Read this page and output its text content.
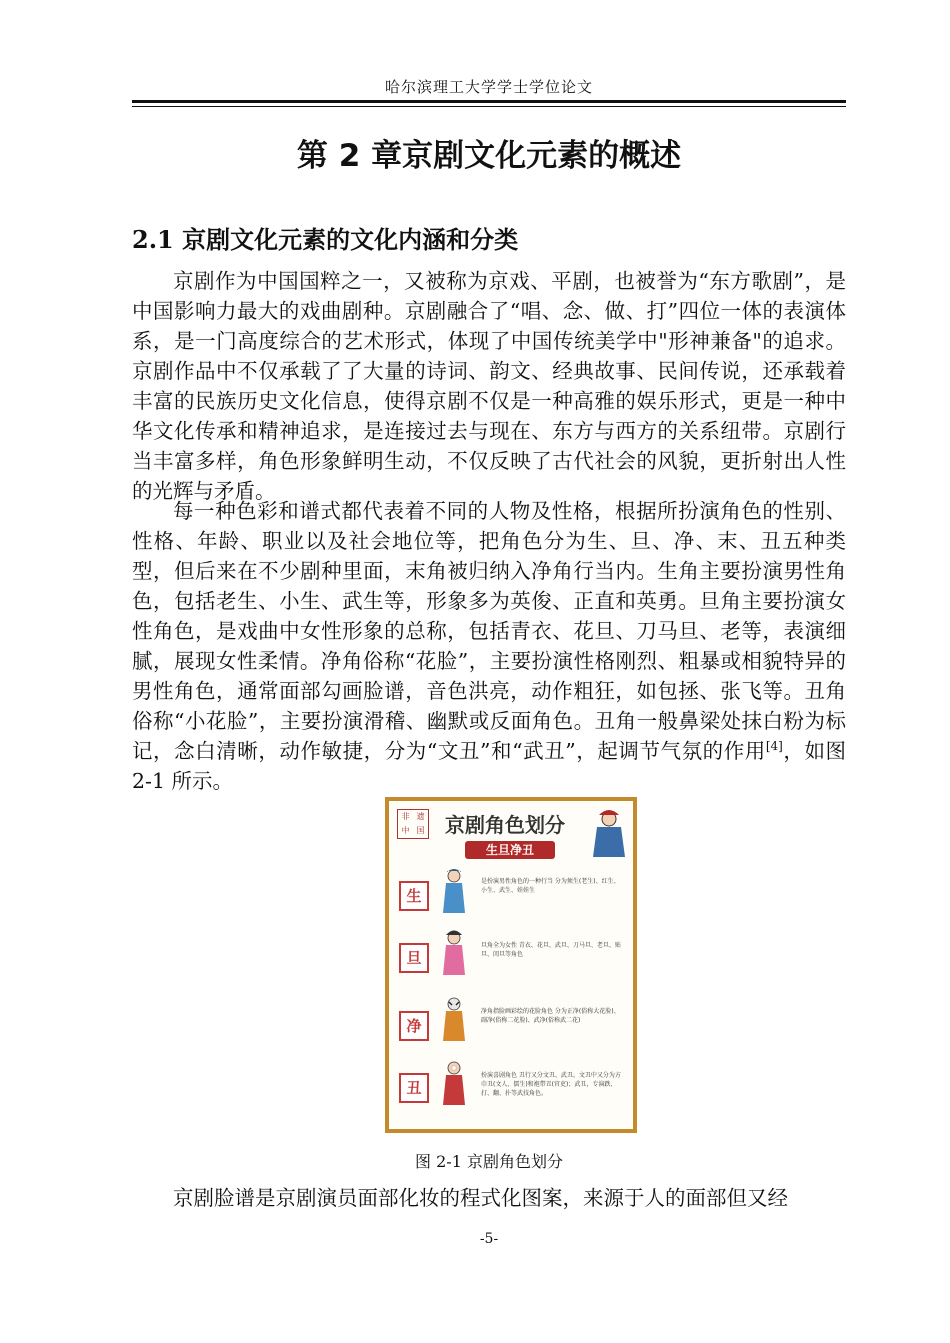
哈尔滨理工大学学士学位论文
第 2 章京剧文化元素的概述
2.1 京剧文化元素的文化内涵和分类

京剧作为中国国粹之一，又被称为京戏、平剧，也被誉为“东方歌剧”，是中国影响力最大的戏曲剧种。京剧融合了“唱、念、做、打”四位一体的表演体系，是一门高度综合的艺术形式，体现了中国传统美学中"形神兼备"的追求。京剧作品中不仅承载了了大量的诗词、韵文、经典故事、民间传说，还承载着丰富的民族历史文化信息，使得京剧不仅是一种高雅的娱乐形式，更是一种中华文化传承和精神追求，是连接过去与现在、东方与西方的关系纽带。京剧行当丰富多样，角色形象鲜明生动，不仅反映了古代社会的风貌，更折射出人性的光辉与矛盾。

每一种色彩和谱式都代表着不同的人物及性格，根据所扮演角色的性别、性格、年龄、职业以及社会地位等，把角色分为生、旦、净、末、丑五种类型，但后来在不少剧种里面，末角被归纳入净角行当内。生角主要扮演男性角色，包括老生、小生、武生等，形象多为英俊、正直和英勇。旦角主要扮演女性角色，是戏曲中女性形象的总称，包括青衣、花旦、刀马旦、老等，表演细腻，展现女性柔情。净角俗称“花脸”，主要扮演性格刚烈、粗暴或相貌特异的男性角色，通常面部勾画脸谱，音色洪亮，动作粗狂，如包拯、张飞等。丑角俗称“小花脸”，主要扮演滑稽、幽默或反面角色。丑角一般鼻梁处抹白粉为标记，念白清晰，动作敏捷，分为“文丑”和“武丑”，起调节气氛的作用[4]，如图 2-1 所示。

非 遗
中 国 京剧角色划分
生旦净丑
生
是扮演男性角色的一种行当 分为须生(老生)、红生、小生、武生、娃娃生
旦
旦角全为女性 青衣、花旦、武旦、刀马旦、老旦、贴旦、闺旦等角色
净
净角指脸画彩绘的花脸角色 分为正净(俗称大花脸)、副净(俗称二花脸)、武净(俗称武二花)
丑
扮演喜剧角色 丑行又分文丑、武丑。文丑中又分为方巾丑(文人、儒生)和袍带丑(官吏)；武丑，专演跌、打、翻、扑等武技角色。
图 2-1 京剧角色划分

京剧脸谱是京剧演员面部化妆的程式化图案，来源于人的面部但又经

-5-
